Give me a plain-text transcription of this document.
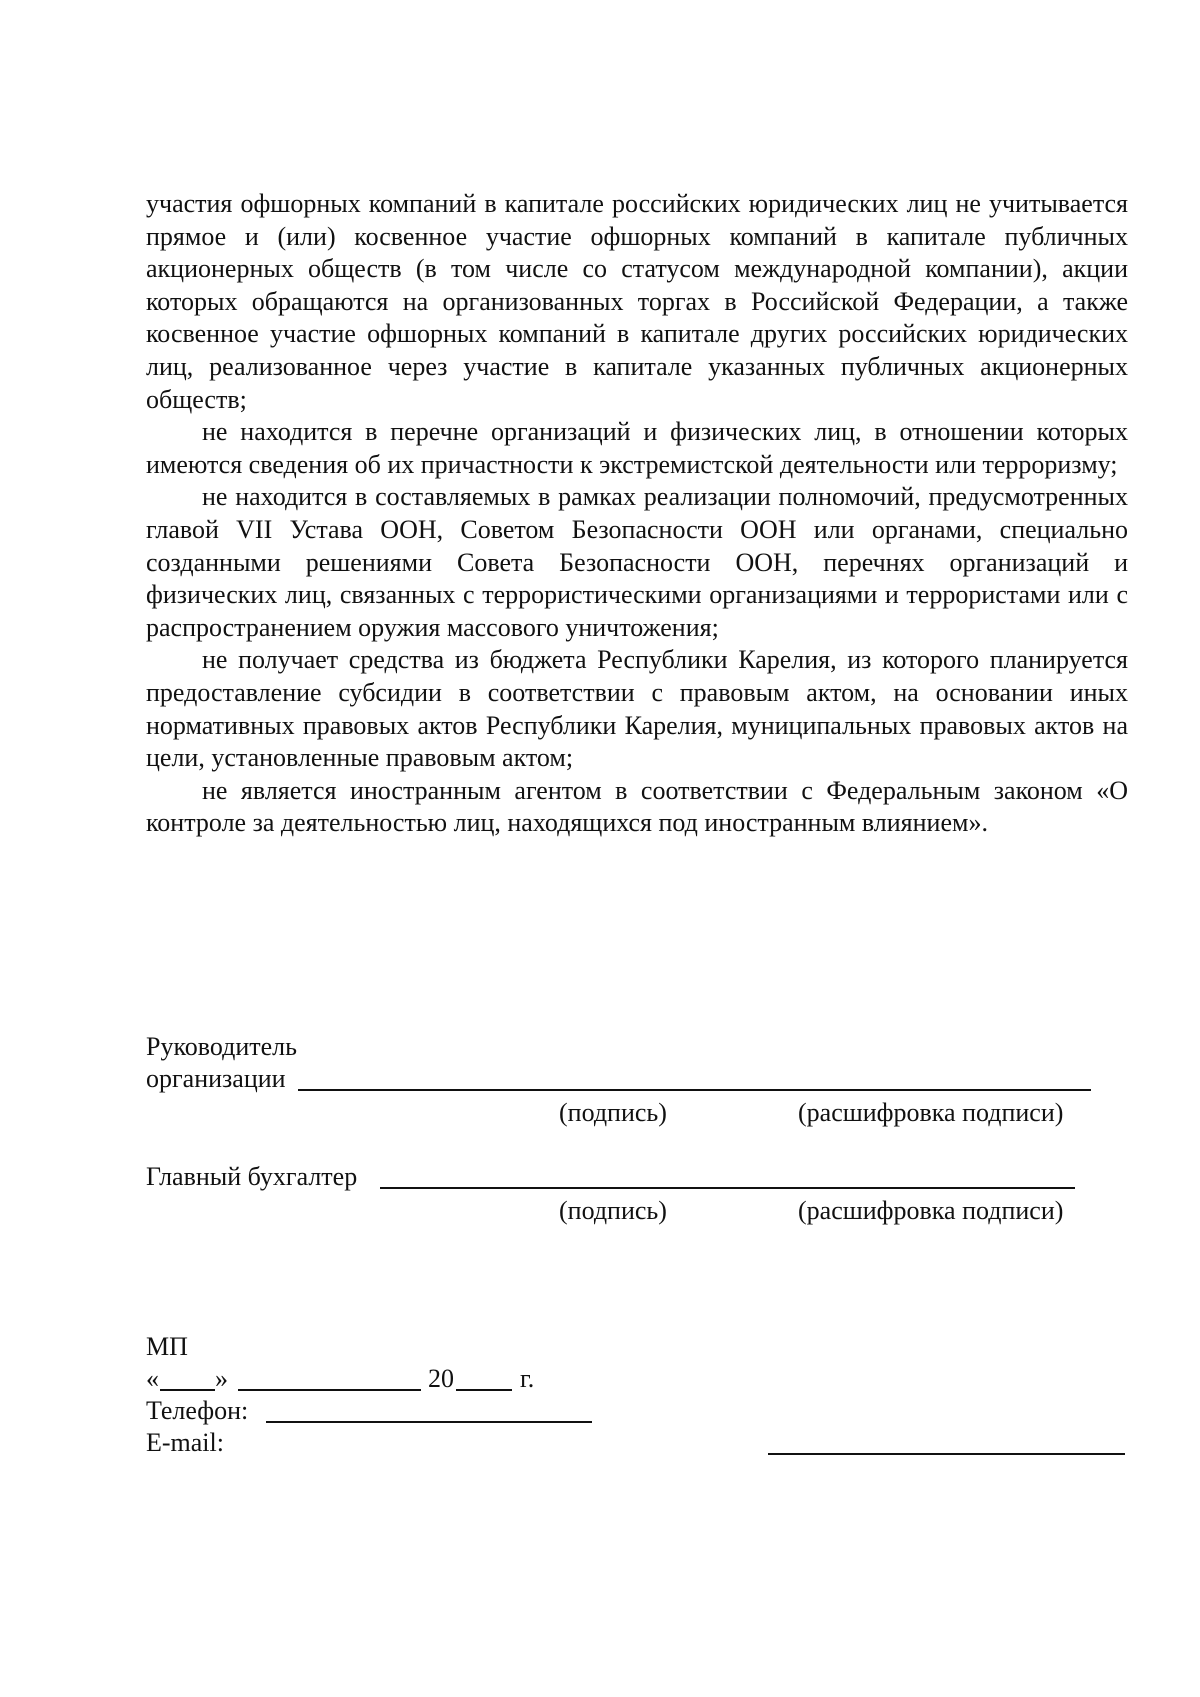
участия офшорных компаний в капитале российских юридических лиц не учитывается прямое и (или) косвенное участие офшорных компаний в капитале публичных акционерных обществ (в том числе со статусом международной компании), акции которых обращаются на организованных торгах в Российской Федерации, а также косвенное участие офшорных компаний в капитале других российских юридических лиц, реализованное через участие в капитале указанных публичных акционерных обществ;

не находится в перечне организаций и физических лиц, в отношении которых имеются сведения об их причастности к экстремистской деятельности или терроризму;

не находится в составляемых в рамках реализации полномочий, предусмотренных главой VII Устава ООН, Советом Безопасности ООН или органами, специально созданными решениями Совета Безопасности ООН, перечнях организаций и физических лиц, связанных с террористическими организациями и террористами или с распространением оружия массового уничтожения;

не получает средства из бюджета Республики Карелия, из которого планируется предоставление субсидии в соответствии с правовым актом, на основании иных нормативных правовых актов Республики Карелия, муниципальных правовых актов на цели, установленные правовым актом;

не является иностранным агентом в соответствии с Федеральным законом «О контроле за деятельностью лиц, находящихся под иностранным влиянием».

Руководитель
организации
(подпись)	(расшифровка подписи)
Главный бухгалтер
(подпись)	(расшифровка подписи)
МП
« »	20	г.
Телефон:
E-mail:
